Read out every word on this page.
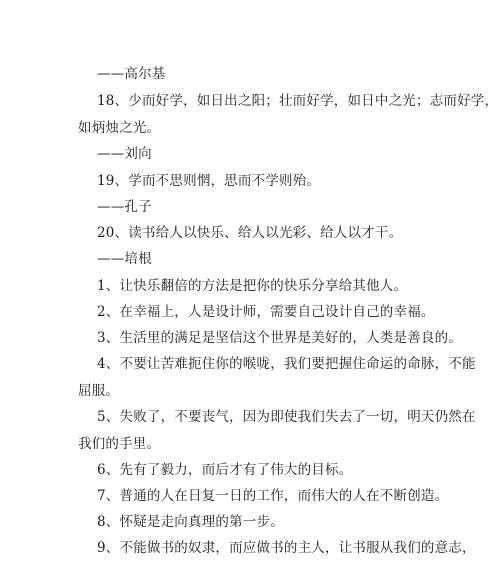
——高尔基
18、少而好学，如日出之阳；壮而好学，如日中之光；志而好学，
如炳烛之光。
——刘向
19、学而不思则惘，思而不学则殆。
——孔子
20、读书给人以快乐、给人以光彩、给人以才干。
——培根
1、让快乐翻倍的方法是把你的快乐分享给其他人。
2、在幸福上，人是设计师，需要自己设计自己的幸福。
3、生活里的满足是坚信这个世界是美好的，人类是善良的。
4、不要让苦难扼住你的喉咙，我们要把握住命运的命脉，不能
屈服。
5、失败了，不要丧气，因为即使我们失去了一切，明天仍然在
我们的手里。
6、先有了毅力，而后才有了伟大的目标。
7、普通的人在日复一日的工作，而伟大的人在不断创造。
8、怀疑是走向真理的第一步。
9、不能做书的奴隶，而应做书的主人，让书服从我们的意志，
